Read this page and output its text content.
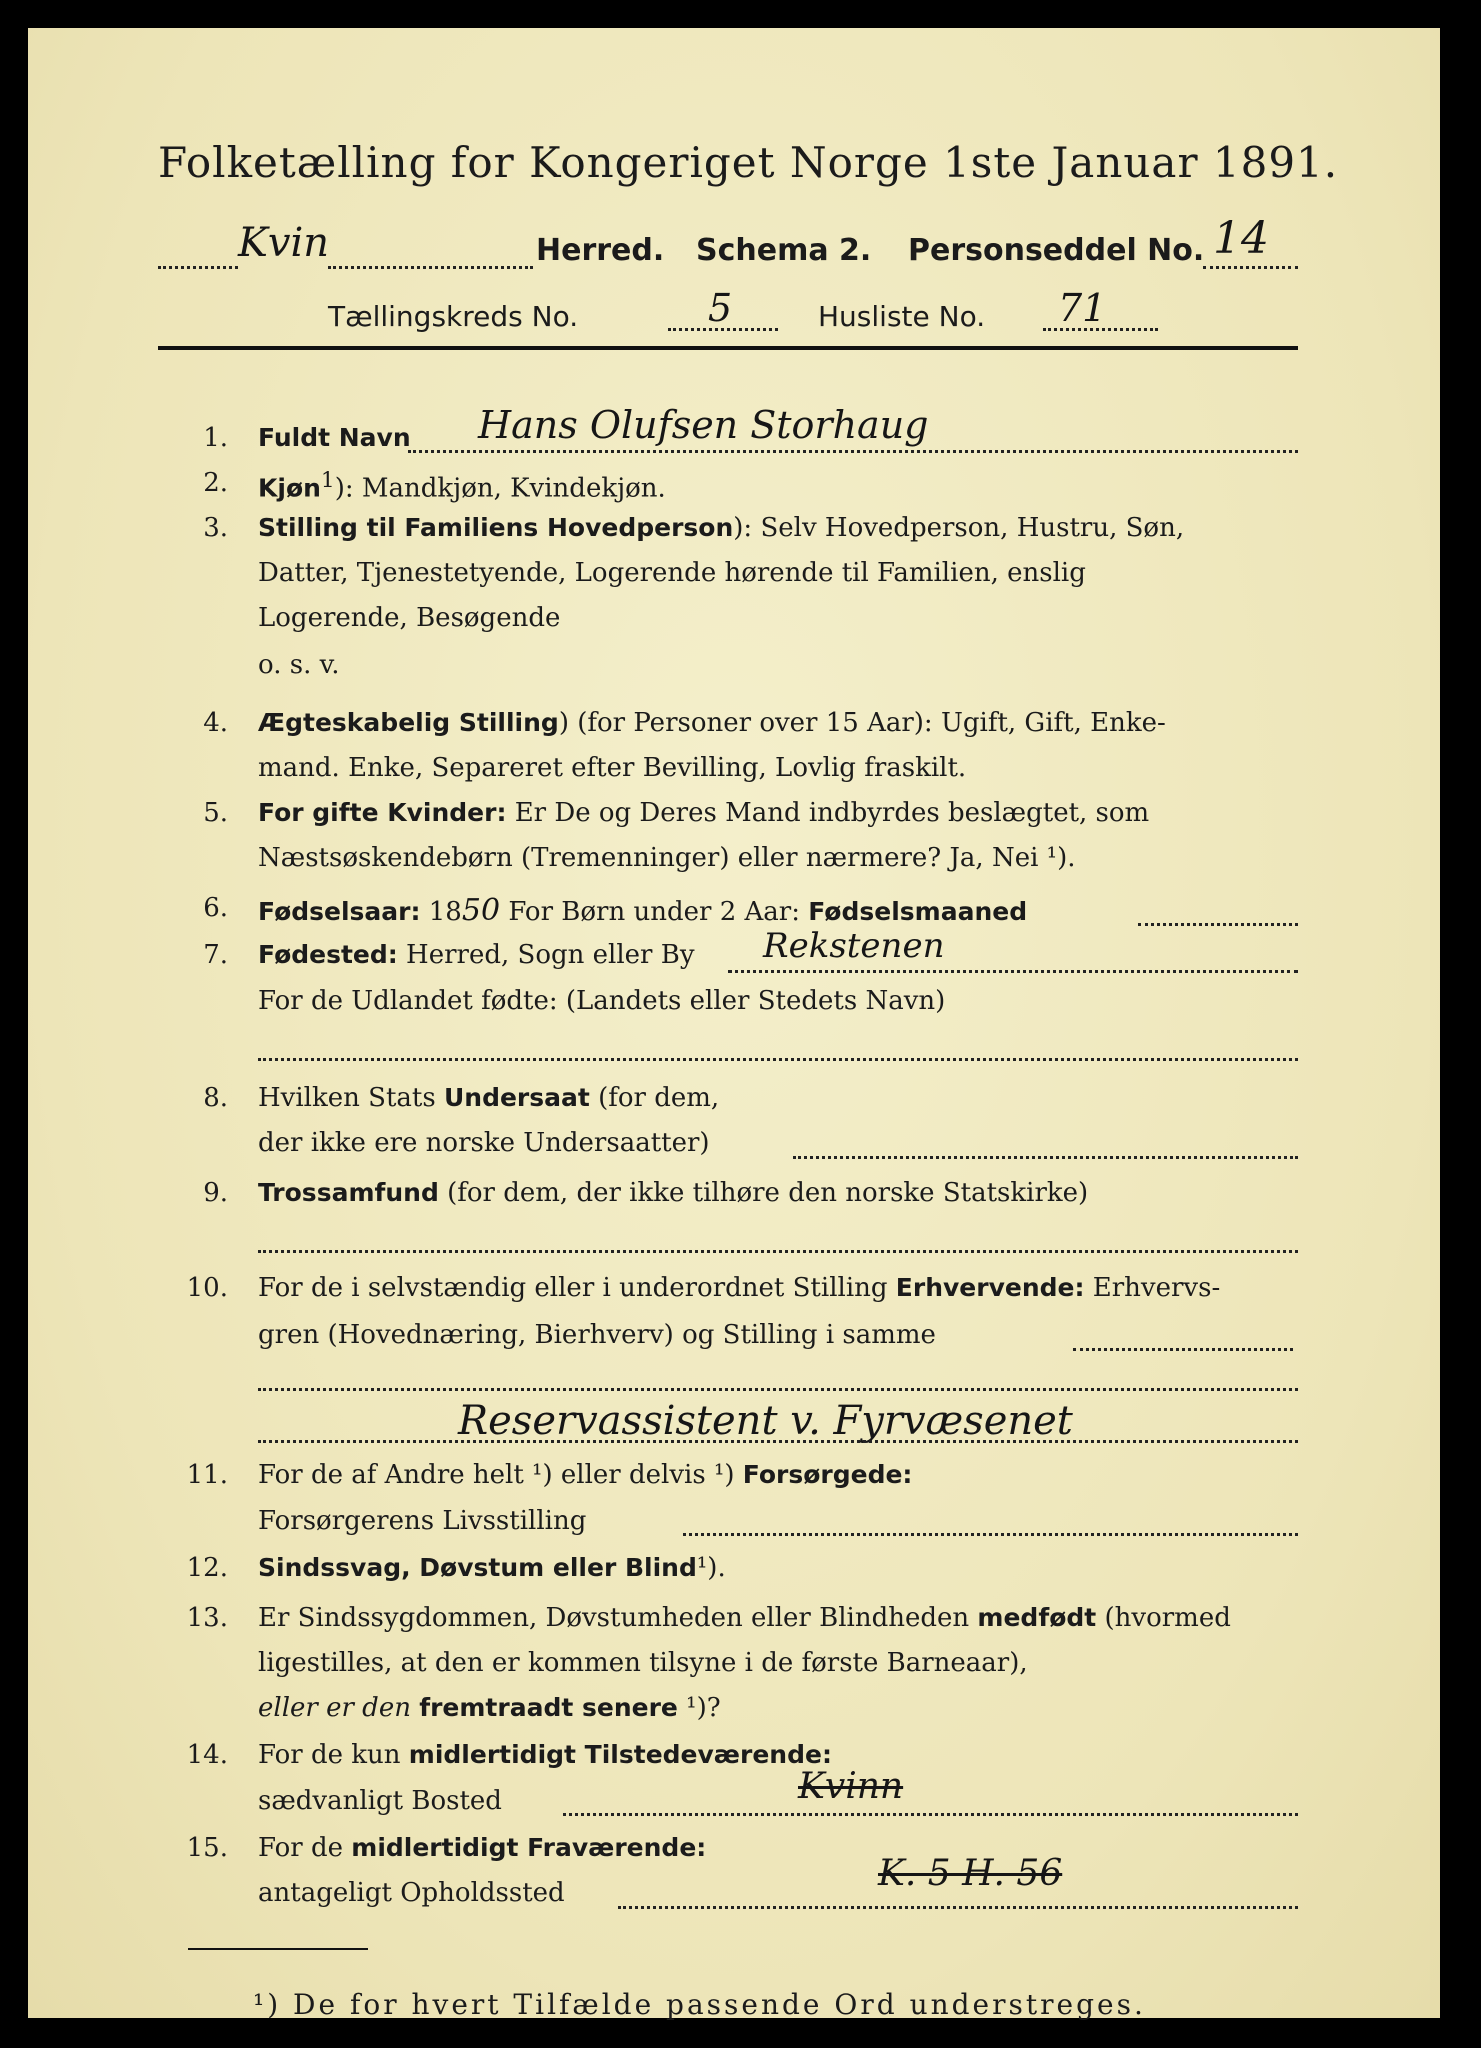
Folketælling for Kongeriget Norge 1ste Januar 1891.
Kvin	Herred. Schema 2. Personseddel No. 14
Tællingskreds No.	5	Husliste No. 71
1. Fuldt Navn Hans Olufsen Storhaug
2. Kjøn$^1$): Mandkjøn, Kvindekjøn.
3. Stilling til Familiens Hovedperson): Selv Hovedperson, Hustru, Søn,
Datter, Tjenestetyende, Logerende hørende til Familien, enslig
Logerende, Besøgende
o. s. v.
4. Ægteskabelig Stilling) (for Personer over 15 Aar): Ugift, Gift, Enke-
mand. Enke, Separeret efter Bevilling, Lovlig fraskilt.
5. For gifte Kvinder: Er De og Deres Mand indbyrdes beslægtet, som
Næstsøskendebørn (Tremenninger) eller nærmere? Ja, Nei ¹).
6. Fødselsaar: 1850 For Børn under 2 Aar: Fødselsmaaned
7. Fødested: Herred, Sogn eller By Rekstenen
For de Udlandet fødte: (Landets eller Stedets Navn)
8. Hvilken Stats Undersaat (for dem,
der ikke ere norske Undersaatter)
9. Trossamfund (for dem, der ikke tilhøre den norske Statskirke)
10. For de i selvstændig eller i underordnet Stilling Erhvervende: Erhvervs-
gren (Hovednæring, Bierhverv) og Stilling i samme
Reservassistent v. Fyrvæsenet
11. For de af Andre helt ¹) eller delvis ¹) Forsørgede:
Forsørgerens Livsstilling
12. Sindssvag, Døvstum eller Blind¹).
13. Er Sindssygdommen, Døvstumheden eller Blindheden medfødt (hvormed
ligestilles, at den er kommen tilsyne i de første Barneaar),
eller er den fremtraadt senere ¹)?
14. For de kun midlertidigt Tilstedeværende:
sædvanligt Bosted	Kvinn
15. For de midlertidigt Fraværende:
antageligt Opholdssted	K. 5 H. 56
¹) De for hvert Tilfælde passende Ord understreges.
